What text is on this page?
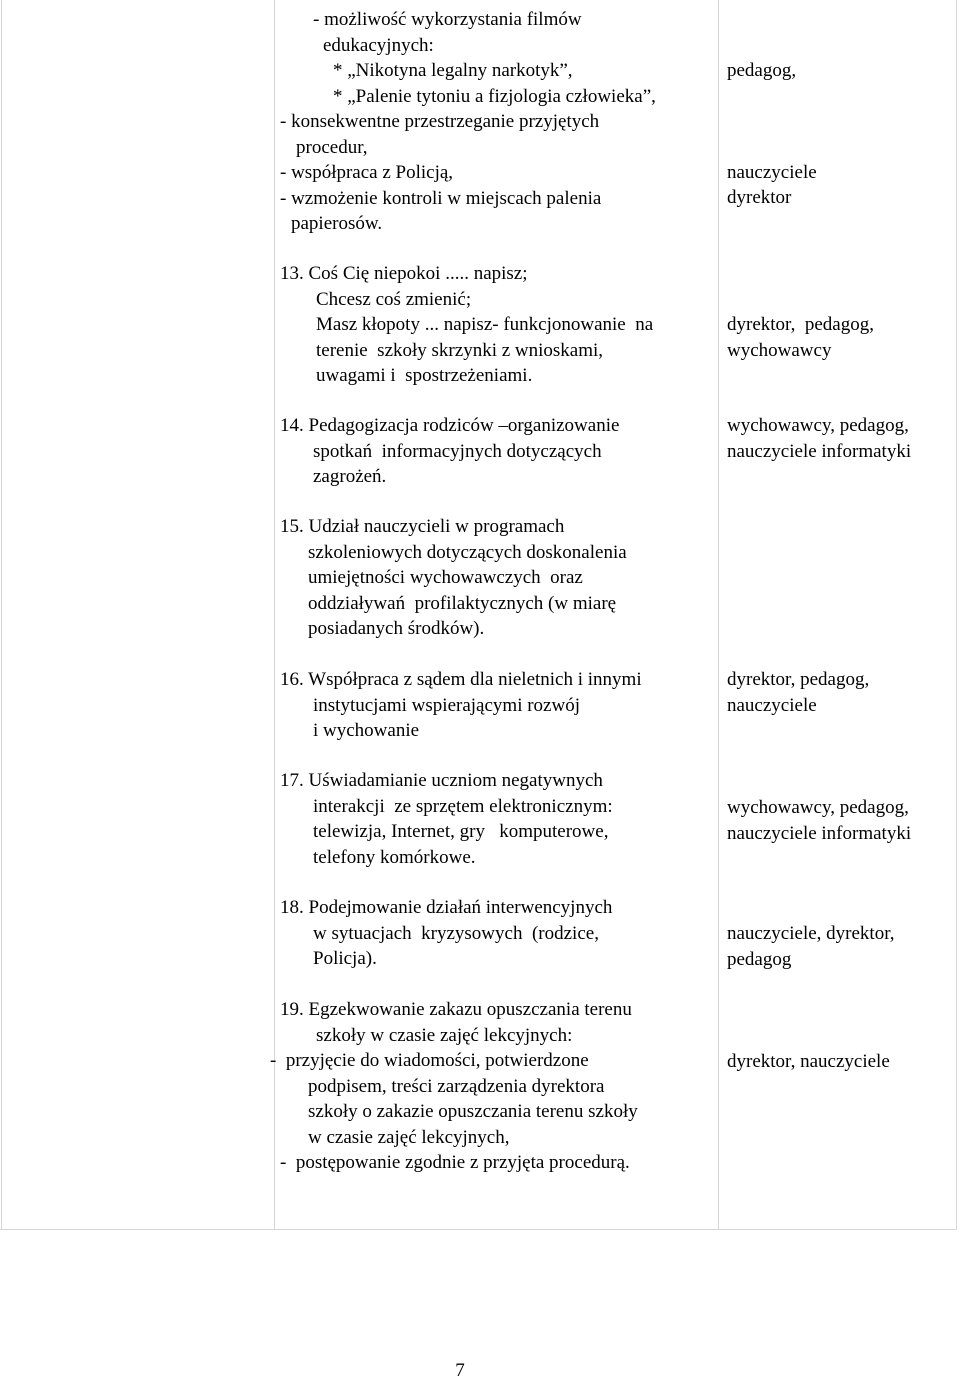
- możliwość wykorzystania filmów
edukacyjnych:
* „Nikotyna legalny narkotyk”,
* „Palenie tytoniu a fizjologia człowieka”,
- konsekwentne przestrzeganie przyjętych
procedur,
- współpraca z Policją,
- wzmożenie kontroli w miejscach palenia
papierosów.
pedagog,
nauczyciele
dyrektor
13. Coś Cię niepokoi ..... napisz;
Chcesz coś zmienić;
Masz kłopoty ... napisz- funkcjonowanie  na
terenie  szkoły skrzynki z wnioskami,
uwagami i  spostrzeżeniami.
dyrektor,  pedagog,
wychowawcy
14. Pedagogizacja rodziców –organizowanie
spotkań  informacyjnych dotyczących
zagrożeń.
wychowawcy, pedagog,
nauczyciele informatyki
15. Udział nauczycieli w programach
szkoleniowych dotyczących doskonalenia
umiejętności wychowawczych  oraz
oddziaływań  profilaktycznych (w miarę
posiadanych środków).
16. Współpraca z sądem dla nieletnich i innymi
instytucjami wspierającymi rozwój
i wychowanie
dyrektor, pedagog,
nauczyciele
17. Uświadamianie uczniom negatywnych
interakcji  ze sprzętem elektronicznym:
telewizja, Internet, gry   komputerowe,
telefony komórkowe.
wychowawcy, pedagog,
nauczyciele informatyki
18. Podejmowanie działań interwencyjnych
w sytuacjach  kryzysowych  (rodzice,
Policja).
nauczyciele, dyrektor,
pedagog
19. Egzekwowanie zakazu opuszczania terenu
szkoły w czasie zajęć lekcyjnych:
-  przyjęcie do wiadomości, potwierdzone
podpisem, treści zarządzenia dyrektora
szkoły o zakazie opuszczania terenu szkoły
w czasie zajęć lekcyjnych,
-  postępowanie zgodnie z przyjęta procedurą.
dyrektor, nauczyciele
7
